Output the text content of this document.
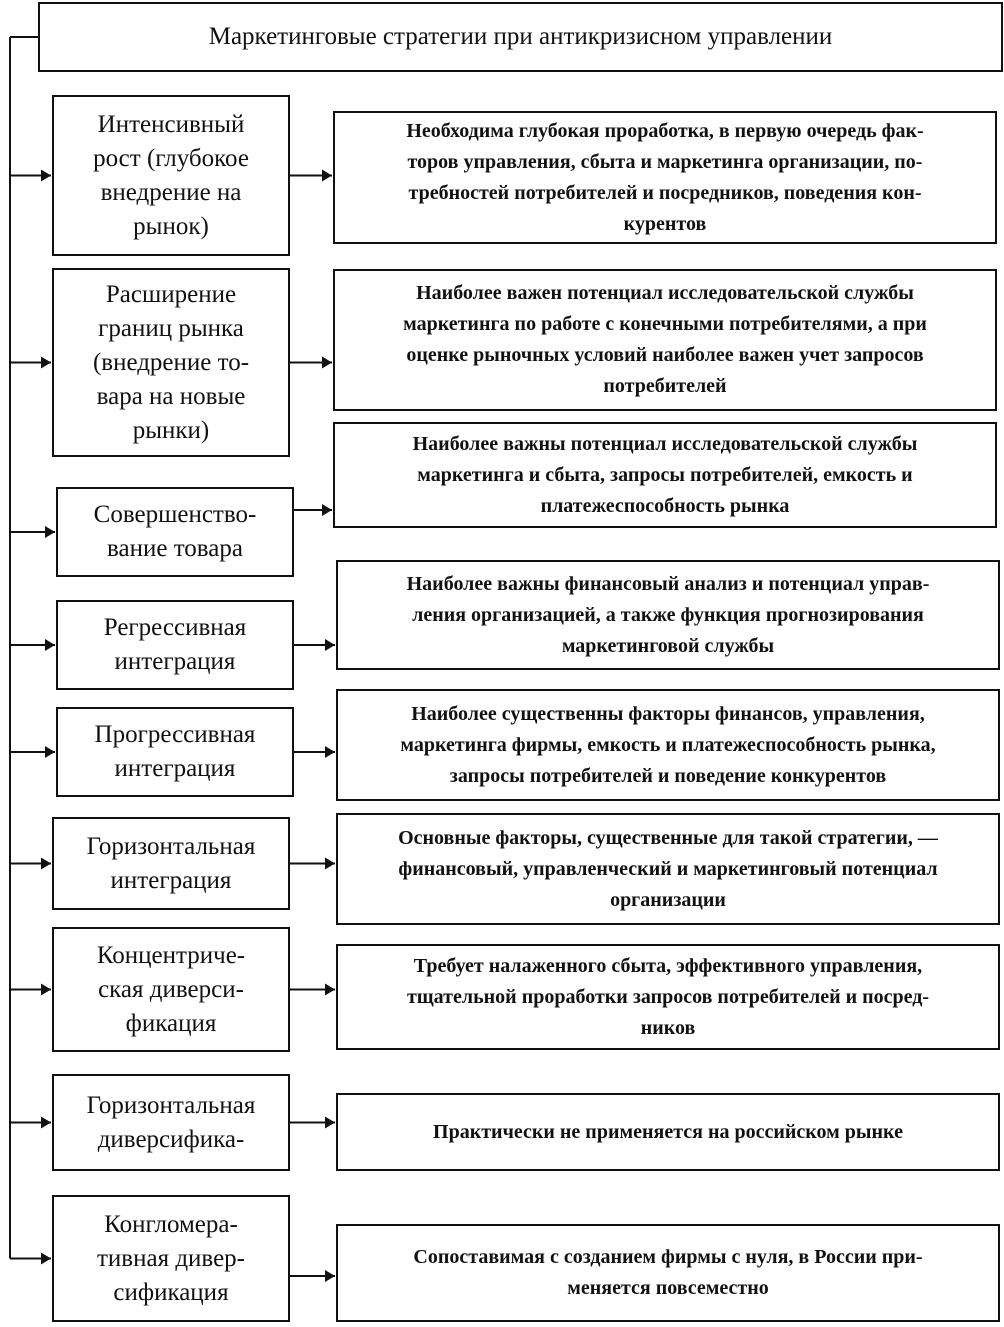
Маркетинговые стратегии при антикризисном управлении
Интенсивный
рост (глубокое
внедрение на
рынок)
Необходима глубокая проработка, в первую очередь фак-
торов управления, сбыта и маркетинга организации, по-
требностей потребителей и посредников, поведения кон-
курентов
Расширение
границ рынка
(внедрение то-
вара на новые
рынки)
Наиболее важен потенциал исследовательской службы
маркетинга по работе с конечными потребителями, а при
оценке рыночных условий наиболее важен учет запросов
потребителей
Совершенство-
вание товара
Наиболее важны потенциал исследовательской службы
маркетинга и сбыта, запросы потребителей, емкость и
платежеспособность рынка
Регрессивная
интеграция
Наиболее важны финансовый анализ и потенциал управ-
ления организацией, а также функция прогнозирования
маркетинговой службы
Прогрессивная
интеграция
Наиболее существенны факторы финансов, управления,
маркетинга фирмы, емкость и платежеспособность рынка,
запросы потребителей и поведение конкурентов
Горизонтальная
интеграция
Основные факторы, существенные для такой стратегии, —
финансовый, управленческий и маркетинговый потенциал
организации
Концентриче-
ская диверси-
фикация
Требует налаженного сбыта, эффективного управления,
тщательной проработки запросов потребителей и посред-
ников
Горизонтальная
диверсифика-	Практически не применяется на российском рынке
Конгломера-
тивная дивер-
сификация
Сопоставимая с созданием фирмы с нуля, в России при-
меняется повсеместно
